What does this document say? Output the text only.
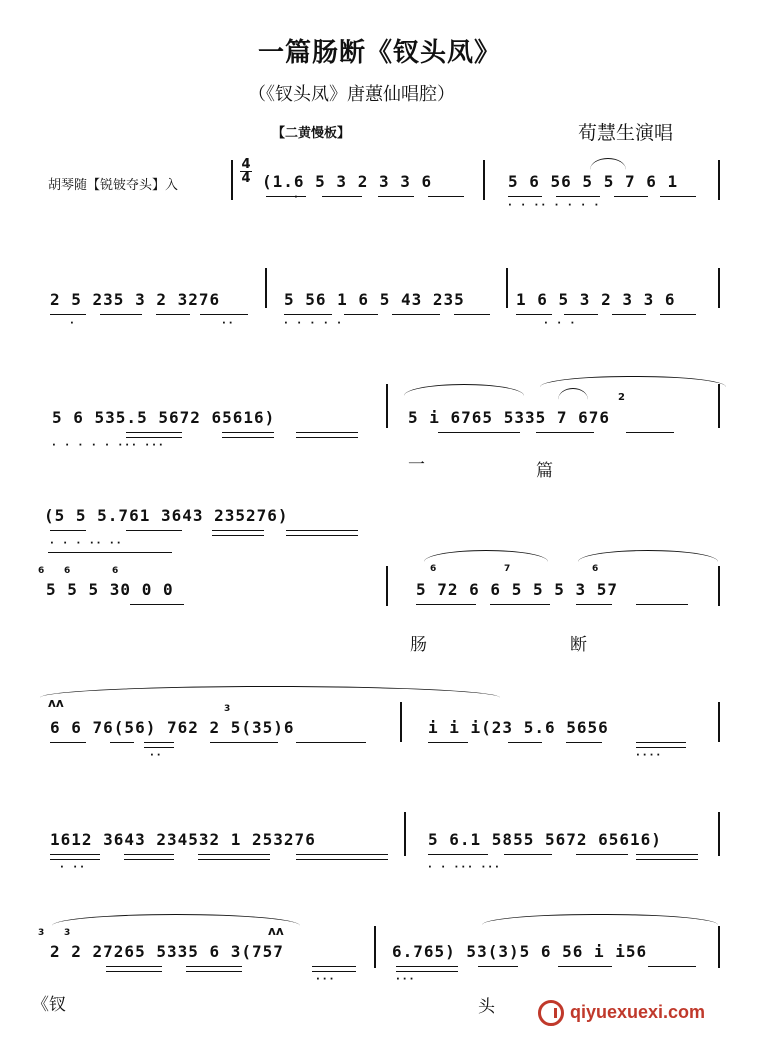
一篇肠断《钗头凤》
（《钗头凤》唐蕙仙唱腔）
【二黄慢板】	荀慧生演唱
胡琴随【锐铍夺头】入
4
4 (1.6 5 3 2 3 3 6
·
5 6 56 5 5 7 6 1
· · ·· · · · ·
2 5 235 3 2 3276
·	··
5 56 1 6 5 43 235
· · · · ·
1 6 5 3 2 3 3 6
· · ·
5 6 535.5 5672 65616)
· · · · · ··· ···
5 i 6765 5335 7 676
2
一	篇
(5 5 5.761 3643 235276)
· · · ·· ··
6 6	6
5 5 5 30 0 0
6	7	6
5 72 6 6 5 5 5 3 57
肠	断
ᴧᴧ	3
6 6 76(56) 762 2 5(35)6
··
i i i(23 5.6 5656
····
1612 3643 234532 1 253276
· ··
5 6.1 5855 5672 65616)
· · ··· ···
3 3	ᴧᴧ
2 2 27265 5335 6 3(757
···
6.765) 53(3)5 6 56 i i56
···
《钗	头	qiyuexuexi.com
